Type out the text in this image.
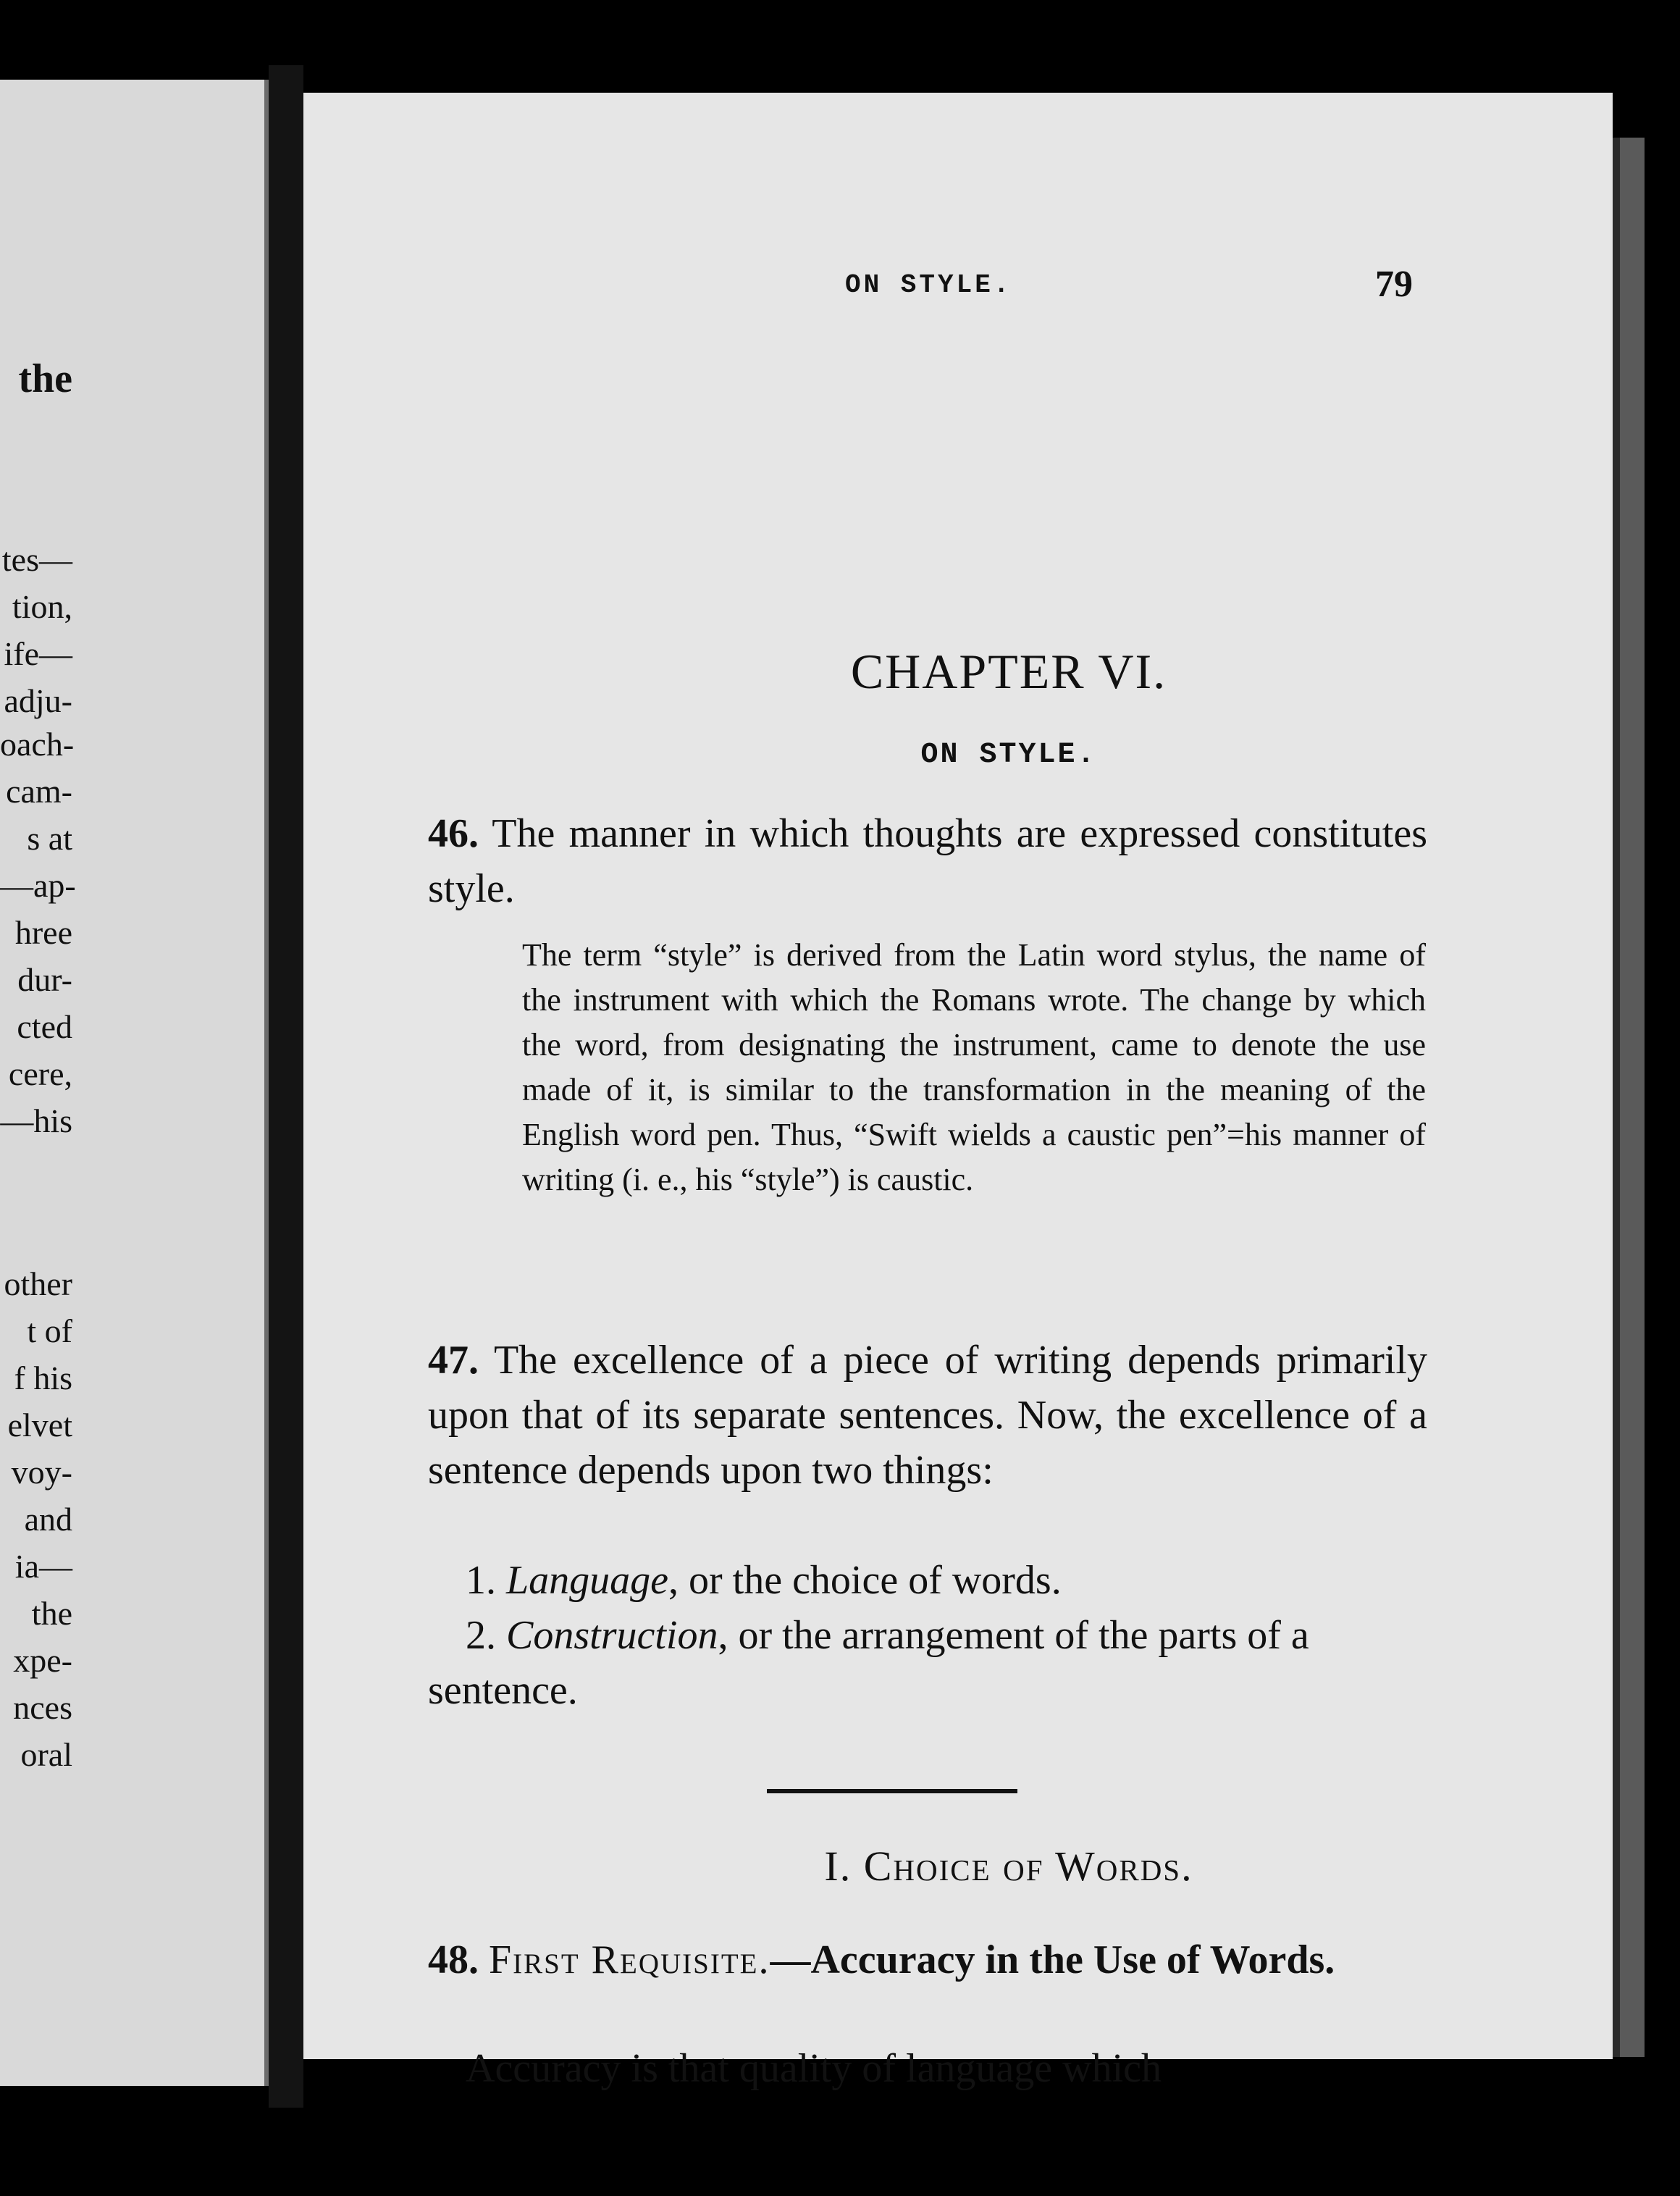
the
tes—
tion,
ife—
adju-
oach-
cam-
s at
—ap-
hree
dur-
cted
cere,
—his
other
t of
f his
elvet
voy-
and
ia—
the
xpe-
nces
oral
ON STYLE.	79
CHAPTER VI.
ON STYLE.
46. The manner in which thoughts are expressed constitutes style.
The term “style” is derived from the Latin word stylus, the name of the instrument with which the Romans wrote. The change by which the word, from designating the instrument, came to denote the use made of it, is similar to the transformation in the meaning of the English word pen. Thus, “Swift wields a caustic pen”=his manner of writing (i. e., his “style”) is caustic.
47. The excellence of a piece of writing depends primarily upon that of its separate sentences. Now, the excellence of a sentence depends upon two things:
1. Language, or the choice of words.
2. Construction, or the arrangement of the parts of a sentence.
I. Choice of Words.
48. First Requisite.—Accuracy in the Use of Words.
Accuracy is that quality of language which
